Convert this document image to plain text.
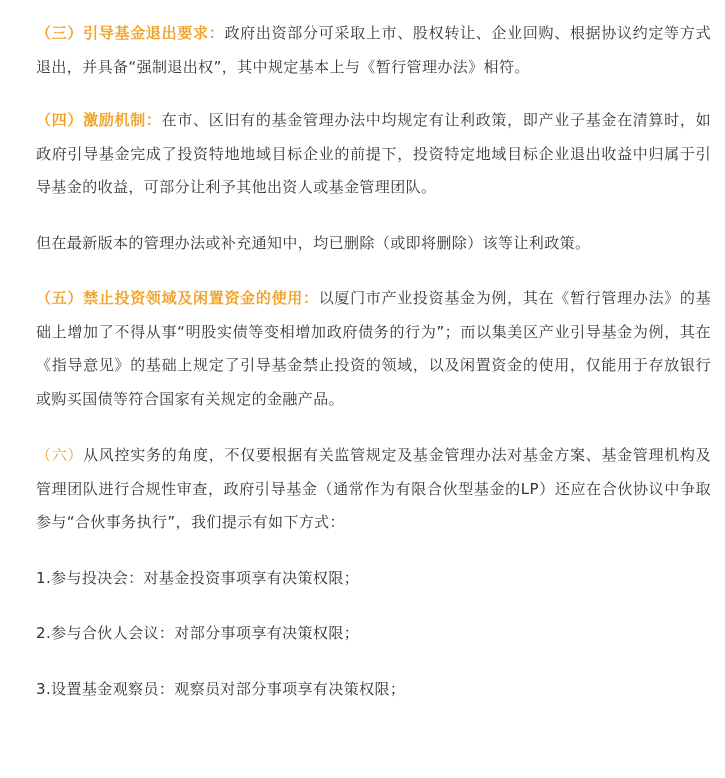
（三）引导基金退出要求：政府出资部分可采取上市、股权转让、企业回购、根据协议约定等方式退出，并具备“强制退出权”，其中规定基本上与《暂行管理办法》相符。

（四）激励机制：在市、区旧有的基金管理办法中均规定有让利政策，即产业子基金在清算时，如政府引导基金完成了投资特地地域目标企业的前提下，投资特定地域目标企业退出收益中归属于引导基金的收益，可部分让利予其他出资人或基金管理团队。

但在最新版本的管理办法或补充通知中，均已删除（或即将删除）该等让利政策。

（五）禁止投资领域及闲置资金的使用：以厦门市产业投资基金为例，其在《暂行管理办法》的基础上增加了不得从事“明股实债等变相增加政府债务的行为”；而以集美区产业引导基金为例，其在《指导意见》的基础上规定了引导基金禁止投资的领域，以及闲置资金的使用，仅能用于存放银行或购买国债等符合国家有关规定的金融产品。

（六）从风控实务的角度，不仅要根据有关监管规定及基金管理办法对基金方案、基金管理机构及管理团队进行合规性审查，政府引导基金（通常作为有限合伙型基金的LP）还应在合伙协议中争取参与“合伙事务执行”，我们提示有如下方式：

1.参与投决会：对基金投资事项享有决策权限；

2.参与合伙人会议：对部分事项享有决策权限；

3.设置基金观察员：观察员对部分事项享有决策权限；
